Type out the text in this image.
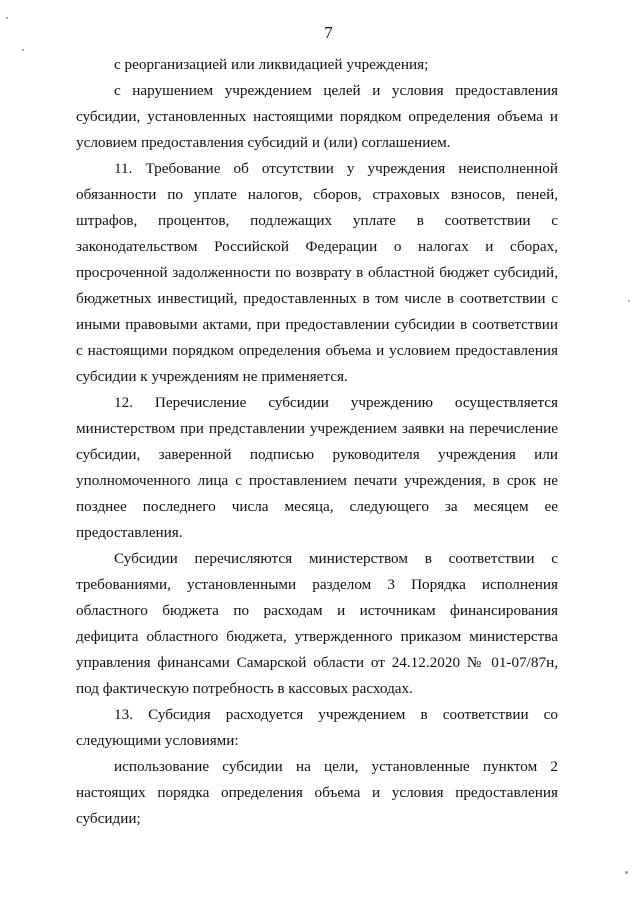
7

с реорганизацией или ликвидацией учреждения;

с нарушением учреждением целей и условия предоставления субсидии, установленных настоящими порядком определения объема и условием предоставления субсидий и (или) соглашением.

11. Требование об отсутствии у учреждения неисполненной обязанности по уплате налогов, сборов, страховых взносов, пеней, штрафов, процентов, подлежащих уплате в соответствии с законодательством Российской Федерации о налогах и сборах, просроченной задолженности по возврату в областной бюджет субсидий, бюджетных инвестиций, предоставленных в том числе в соответствии с иными правовыми актами, при предоставлении субсидии в соответствии с настоящими порядком определения объема и условием предоставления субсидии к учреждениям не применяется.

12. Перечисление субсидии учреждению осуществляется министерством при представлении учреждением заявки на перечисление субсидии, заверенной подписью руководителя учреждения или уполномоченного лица с проставлением печати учреждения, в срок не позднее последнего числа месяца, следующего за месяцем ее предоставления.

Субсидии перечисляются министерством в соответствии с требованиями, установленными разделом 3 Порядка исполнения областного бюджета по расходам и источникам финансирования дефицита областного бюджета, утвержденного приказом министерства управления финансами Самарской области от 24.12.2020 № 01-07/87н, под фактическую потребность в кассовых расходах.

13. Субсидия расходуется учреждением в соответствии со следующими условиями:

использование субсидии на цели, установленные пунктом 2 настоящих порядка определения объема и условия предоставления субсидии;
